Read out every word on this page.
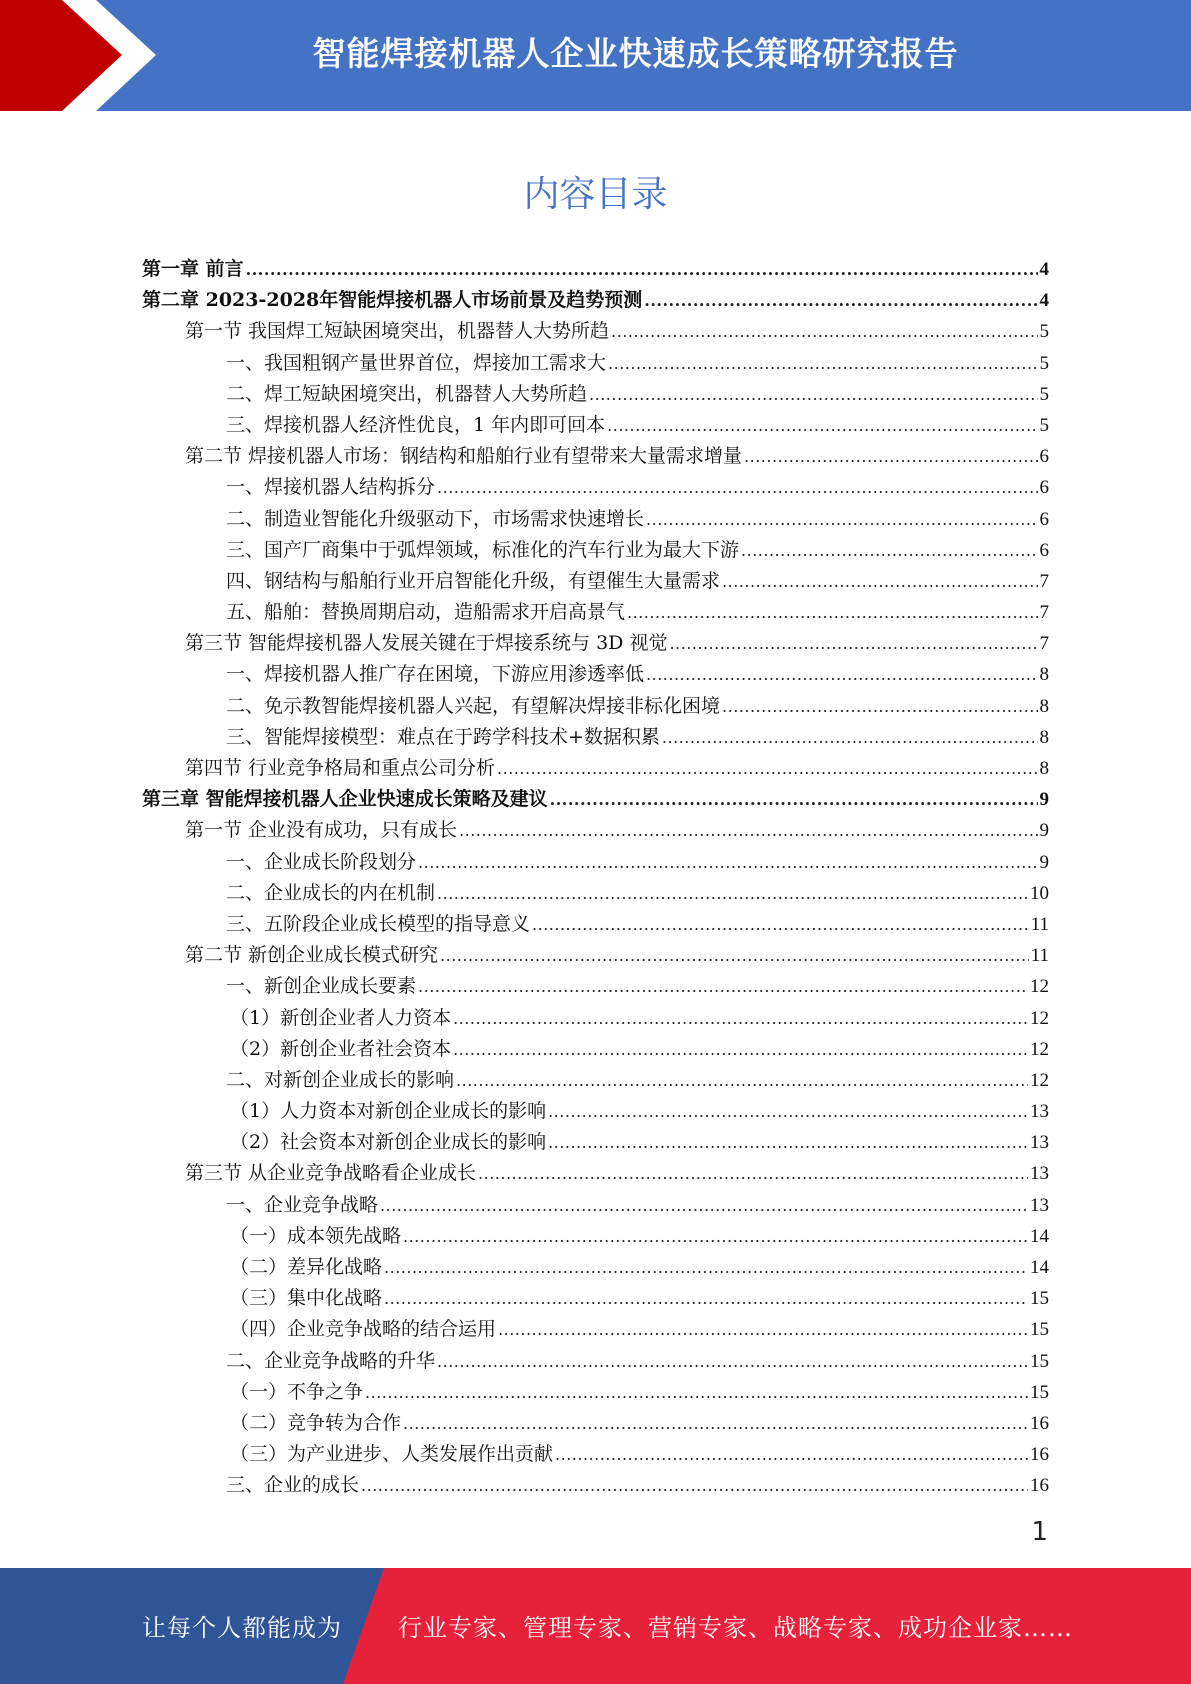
智能焊接机器人企业快速成长策略研究报告
内容目录
第一章 前言 .....	4
第二章 2023-2028年智能焊接机器人市场前景及趋势预测 .....	4
第一节 我国焊工短缺困境突出，机器替人大势所趋 .....	5
一、我国粗钢产量世界首位，焊接加工需求大 .....	5
二、焊工短缺困境突出，机器替人大势所趋 .....	5
三、焊接机器人经济性优良，1 年内即可回本 .....	5
第二节 焊接机器人市场：钢结构和船舶行业有望带来大量需求增量 .....	6
一、焊接机器人结构拆分 .....	6
二、制造业智能化升级驱动下，市场需求快速增长 .....	6
三、国产厂商集中于弧焊领域，标准化的汽车行业为最大下游 .....	6
四、钢结构与船舶行业开启智能化升级，有望催生大量需求 .....	7
五、船舶：替换周期启动，造船需求开启高景气 .....	7
第三节 智能焊接机器人发展关键在于焊接系统与 3D 视觉 .....	7
一、焊接机器人推广存在困境，下游应用渗透率低 .....	8
二、免示教智能焊接机器人兴起，有望解决焊接非标化困境 .....	8
三、智能焊接模型：难点在于跨学科技术+数据积累 .....	8
第四节 行业竞争格局和重点公司分析 .....	8
第三章 智能焊接机器人企业快速成长策略及建议 .....	9
第一节 企业没有成功，只有成长 .....	9
一、企业成长阶段划分 .....	9
二、企业成长的内在机制 .....	10
三、五阶段企业成长模型的指导意义 .....	11
第二节 新创企业成长模式研究 .....	11
一、新创企业成长要素 .....	12
（1）新创企业者人力资本 .....	12
（2）新创企业者社会资本 .....	12
二、对新创企业成长的影响 .....	12
（1）人力资本对新创企业成长的影响 .....	13
（2）社会资本对新创企业成长的影响 .....	13
第三节 从企业竞争战略看企业成长 .....	13
一、企业竞争战略 .....	13
（一）成本领先战略 .....	14
（二）差异化战略 .....	14
（三）集中化战略 .....	15
（四）企业竞争战略的结合运用 .....	15
二、企业竞争战略的升华 .....	15
（一）不争之争 .....	15
（二）竞争转为合作 .....	16
（三）为产业进步、人类发展作出贡献 .....	16
三、企业的成长 .....	16
1
让每个人都能成为 行业专家、管理专家、营销专家、战略专家、成功企业家……
